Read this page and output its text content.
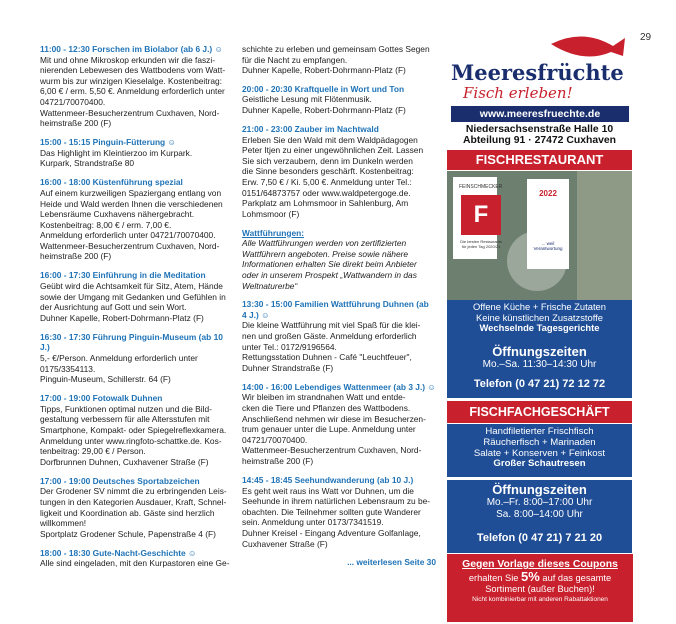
29
11:00 - 12:30 Forschen im Biolabor (ab 6 J.) ☺
Mit und ohne Mikroskop erkunden wir die faszi-
nierenden Lebewesen des Wattbodens vom Watt-
wurm bis zur winzigen Kieselalge. Kostenbeitrag:
6,00 € / erm. 5,50 €. Anmeldung erforderlich unter
04721/70070400.
Wattenmeer-Besucherzentrum Cuxhaven, Nord-
heimstraße 200 (F)
15:00 - 15:15 Pinguin-Fütterung ☺
Das Highlight im Kleintierzoo im Kurpark.
Kurpark, Strandstraße 80
16:00 - 18:00 Küstenführung spezial
Auf einem kurzweiligen Spaziergang entlang von
Heide und Wald werden Ihnen die verschiedenen
Lebensräume Cuxhavens nähergebracht.
Kostenbeitrag: 8,00 € / erm. 7,00 €.
Anmeldung erforderlich unter 04721/70070400.
Wattenmeer-Besucherzentrum Cuxhaven, Nord-
heimstraße 200 (F)
16:00 - 17:30 Einführung in die Meditation
Geübt wird die Achtsamkeit für Sitz, Atem, Hände
sowie der Umgang mit Gedanken und Gefühlen in
der Ausrichtung auf Gott und sein Wort.
Duhner Kapelle, Robert-Dohrmann-Platz (F)
16:30 - 17:30 Führung Pinguin-Museum (ab 10 J.)
5,- €/Person. Anmeldung erforderlich unter
0175/3354113.
Pinguin-Museum, Schillerstr. 64 (F)
17:00 - 19:00 Fotowalk Duhnen
Tipps, Funktionen optimal nutzen und die Bild-
gestaltung verbessern für alle Altersstufen mit
Smartphone, Kompakt- oder Spiegelreflexkamera.
Anmeldung unter www.ringfoto-schattke.de. Kos-
tenbeitrag: 29,00 € / Person.
Dorfbrunnen Duhnen, Cuxhavener Straße (F)
17:00 - 19:00 Deutsches Sportabzeichen
Der Grodener SV nimmt die zu erbringenden Leis-
tungen in den Kategorien Ausdauer, Kraft, Schnel-
ligkeit und Koordination ab. Gäste sind herzlich
willkommen!
Sportplatz Grodener Schule, Papenstraße 4 (F)
18:00 - 18:30 Gute-Nacht-Geschichte ☺
Alle sind eingeladen, mit den Kurpastoren eine Ge-
schichte zu erleben und gemeinsam Gottes Segen
für die Nacht zu empfangen.
Duhner Kapelle, Robert-Dohrmann-Platz (F)
20:00 - 20:30 Kraftquelle in Wort und Ton
Geistliche Lesung mit Flötenmusik.
Duhner Kapelle, Robert-Dohrmann-Platz (F)
21:00 - 23:00 Zauber im Nachtwald
Erleben Sie den Wald mit dem Waldpädagogen
Peter Itjen zu einer ungewöhnlichen Zeit. Lassen
Sie sich verzaubern, denn im Dunkeln werden
die Sinne besonders geschärft. Kostenbeitrag:
Erw. 7,50 € / Ki. 5,00 €. Anmeldung unter Tel.:
0151/64873757 oder www.waldpetergoge.de.
Parkplatz am Lohmsmoor in Sahlenburg, Am
Lohmsmoor (F)
Wattführungen:
Alle Wattführungen werden von zertifizierten
Wattführern angeboten. Preise sowie nähere
Informationen erhalten Sie direkt beim Anbieter
oder in unserem Prospekt „Wattwandern in das
Weltnaturerbe“
13:30 - 15:00 Familien Wattführung Duhnen (ab
4 J.) ☺
Die kleine Wattführung mit viel Spaß für die klei-
nen und großen Gäste. Anmeldung erforderlich
unter Tel.: 0172/9196564.
Rettungsstation Duhnen - Café "Leuchtfeuer",
Duhner Strandstraße (F)
14:00 - 16:00 Lebendiges Wattenmeer (ab 3 J.) ☺
Wir bleiben im strandnahen Watt und entde-
cken die Tiere und Pflanzen des Wattbodens.
Anschließend nehmen wir diese im Besucherzen-
trum genauer unter die Lupe. Anmeldung unter
04721/70070400.
Wattenmeer-Besucherzentrum Cuxhaven, Nord-
heimstraße 200 (F)
14:45 - 18:45 Seehundwanderung (ab 10 J.)
Es geht weit raus ins Watt vor Duhnen, um die
Seehunde in ihrem natürlichen Lebensraum zu be-
obachten. Die Teilnehmer sollten gute Wanderer
sein. Anmeldung unter 0173/7341519.
Duhner Kreisel - Eingang Adventure Golfanlage,
Cuxhavener Straße (F)
... weiterlesen Seite 30
Meeresfrüchte
Fisch erleben!
www.meeresfruechte.de
Niedersachsenstraße Halle 10
Abteilung 91 · 27472 Cuxhaven
FISCHRESTAURANT
FEINSCHMECKER
F
Die besten Restaurants für jeden Tag 2020/21
2022
... weil Verantwortung
Offene Küche + Frische Zutaten
Keine künstlichen Zusatzstoffe
Wechselnde Tagesgerichte
Öffnungszeiten
Mo.–Sa. 11:30–14:30 Uhr
Telefon (0 47 21) 72 12 72
FISCHFACHGESCHÄFT
Handfiletierter Frischfisch
Räucherfisch + Marinaden
Salate + Konserven + Feinkost
Großer Schautresen
Öffnungszeiten
Mo.–Fr. 8:00–17:00 Uhr
Sa. 8:00–14:00 Uhr
Telefon (0 47 21) 7 21 20
Gegen Vorlage dieses Coupons
erhalten Sie 5% auf das gesamte
Sortiment (außer Buchen)!
Nicht kombinierbar mit anderen Rabattaktionen
